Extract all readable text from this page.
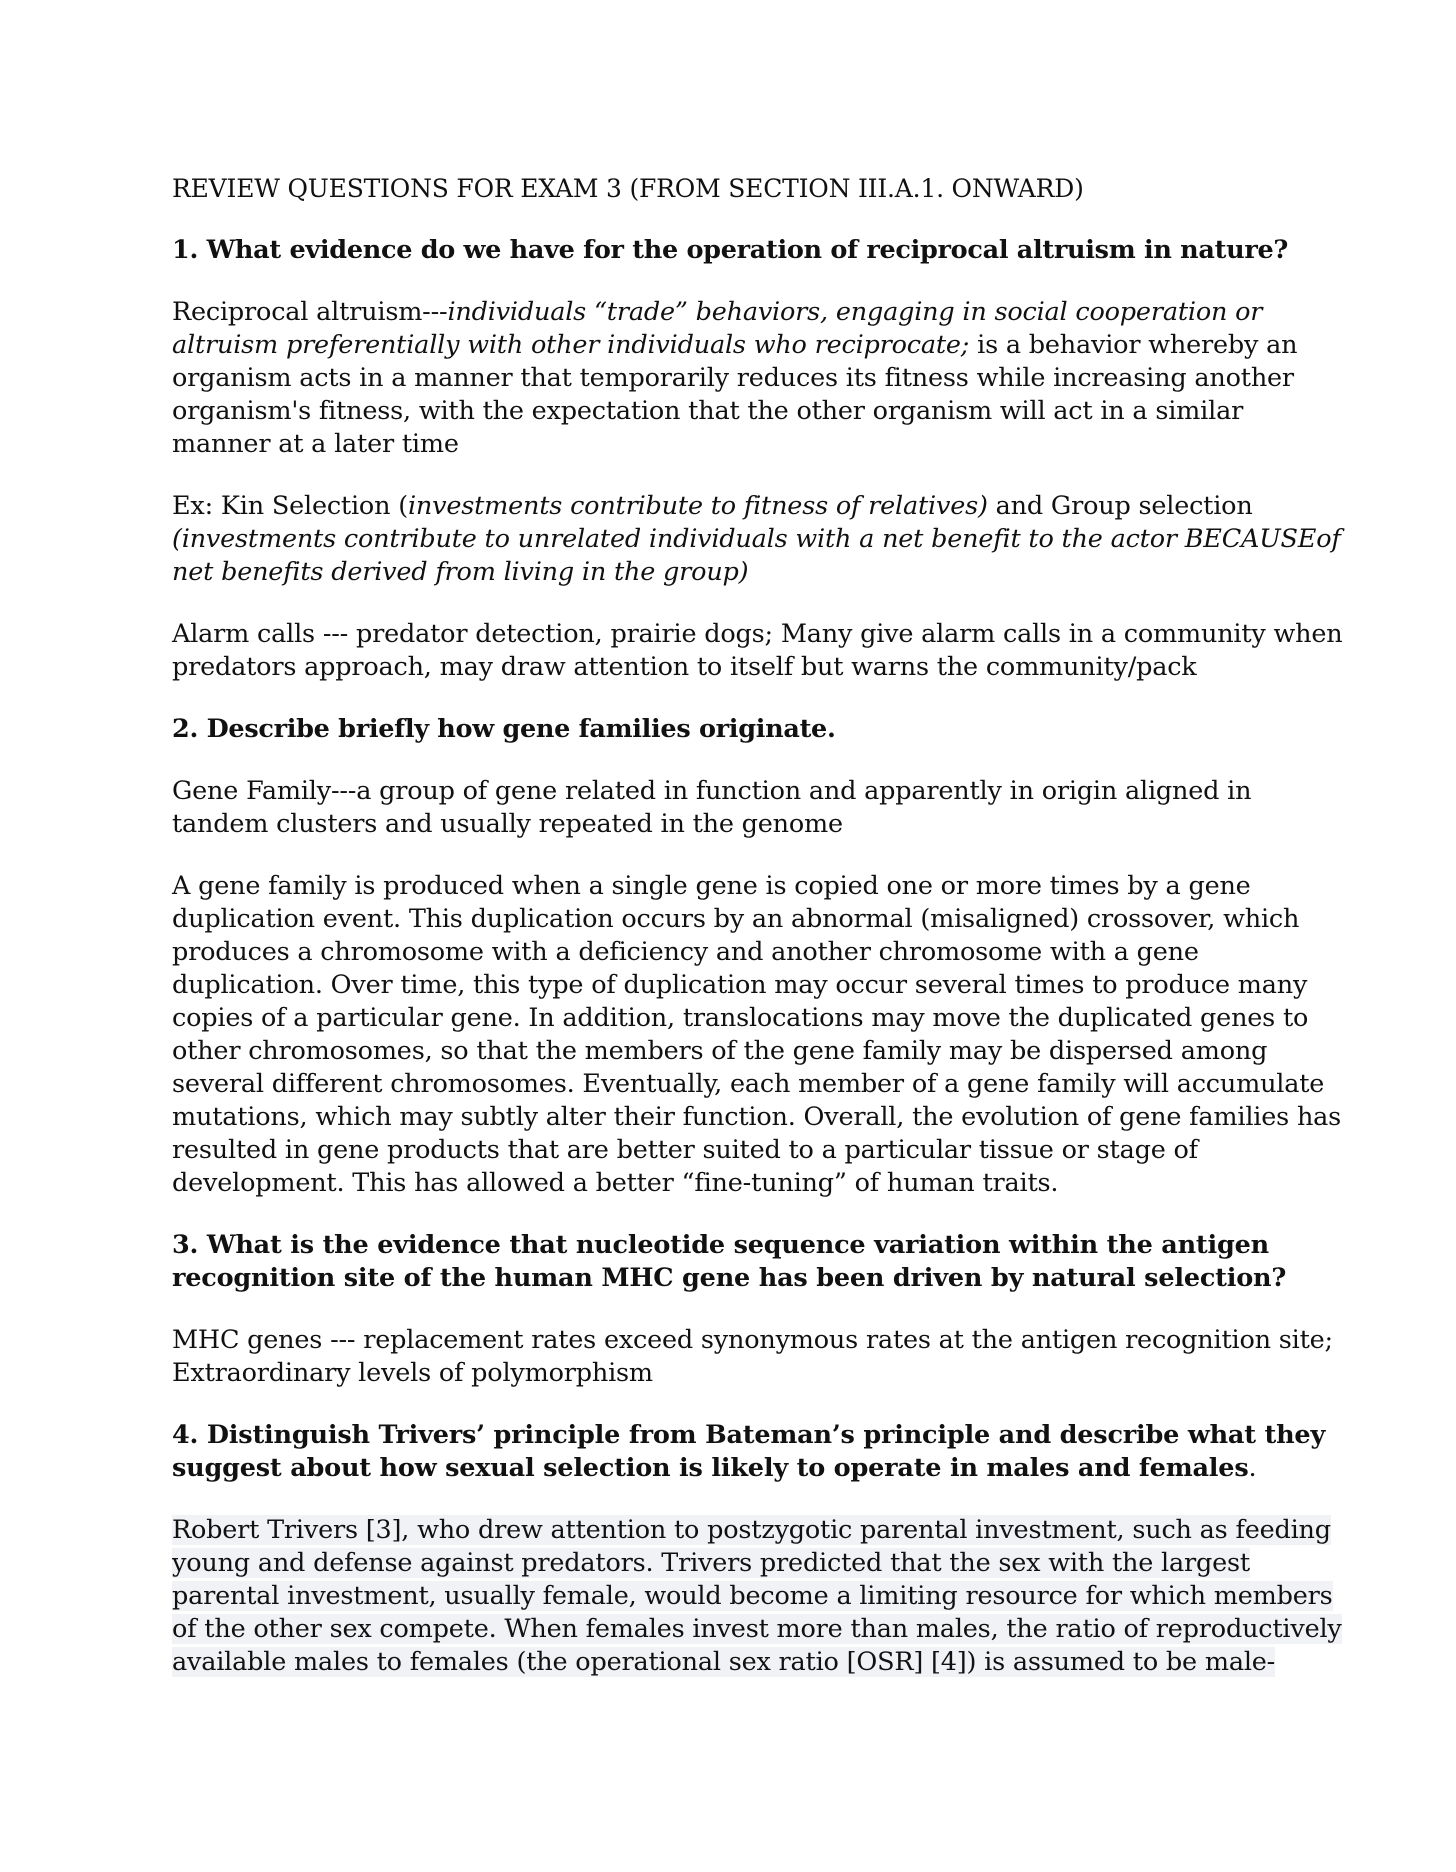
REVIEW QUESTIONS FOR EXAM 3 (FROM SECTION III.A.1. ONWARD)

1. What evidence do we have for the operation of reciprocal altruism in nature?

Reciprocal altruism---individuals “trade” behaviors, engaging in social cooperation or

altruism preferentially with other individuals who reciprocate; is a behavior whereby an

organism acts in a manner that temporarily reduces its fitness while increasing another

organism's fitness, with the expectation that the other organism will act in a similar

manner at a later time

Ex: Kin Selection (investments contribute to fitness of relatives) and Group selection

(investments contribute to unrelated individuals with a net benefit to the actor BECAUSEof

net benefits derived from living in the group)

Alarm calls --- predator detection, prairie dogs; Many give alarm calls in a community when

predators approach, may draw attention to itself but warns the community/pack

2. Describe briefly how gene families originate.

Gene Family---a group of gene related in function and apparently in origin aligned in

tandem clusters and usually repeated in the genome

A gene family is produced when a single gene is copied one or more times by a gene

duplication event. This duplication occurs by an abnormal (misaligned) crossover, which

produces a chromosome with a deficiency and another chromosome with a gene

duplication. Over time, this type of duplication may occur several times to produce many

copies of a particular gene. In addition, translocations may move the duplicated genes to

other chromosomes, so that the members of the gene family may be dispersed among

several different chromosomes. Eventually, each member of a gene family will accumulate

mutations, which may subtly alter their function. Overall, the evolution of gene families has

resulted in gene products that are better suited to a particular tissue or stage of

development. This has allowed a better “fine-tuning” of human traits.

3. What is the evidence that nucleotide sequence variation within the antigen

recognition site of the human MHC gene has been driven by natural selection?

MHC genes --- replacement rates exceed synonymous rates at the antigen recognition site;

Extraordinary levels of polymorphism

4. Distinguish Trivers’ principle from Bateman’s principle and describe what they

suggest about how sexual selection is likely to operate in males and females.

Robert Trivers [3], who drew attention to postzygotic parental investment, such as feeding

young and defense against predators. Trivers predicted that the sex with the largest

parental investment, usually female, would become a limiting resource for which members

of the other sex compete. When females invest more than males, the ratio of reproductively

available males to females (the operational sex ratio [OSR] [4]) is assumed to be male-
